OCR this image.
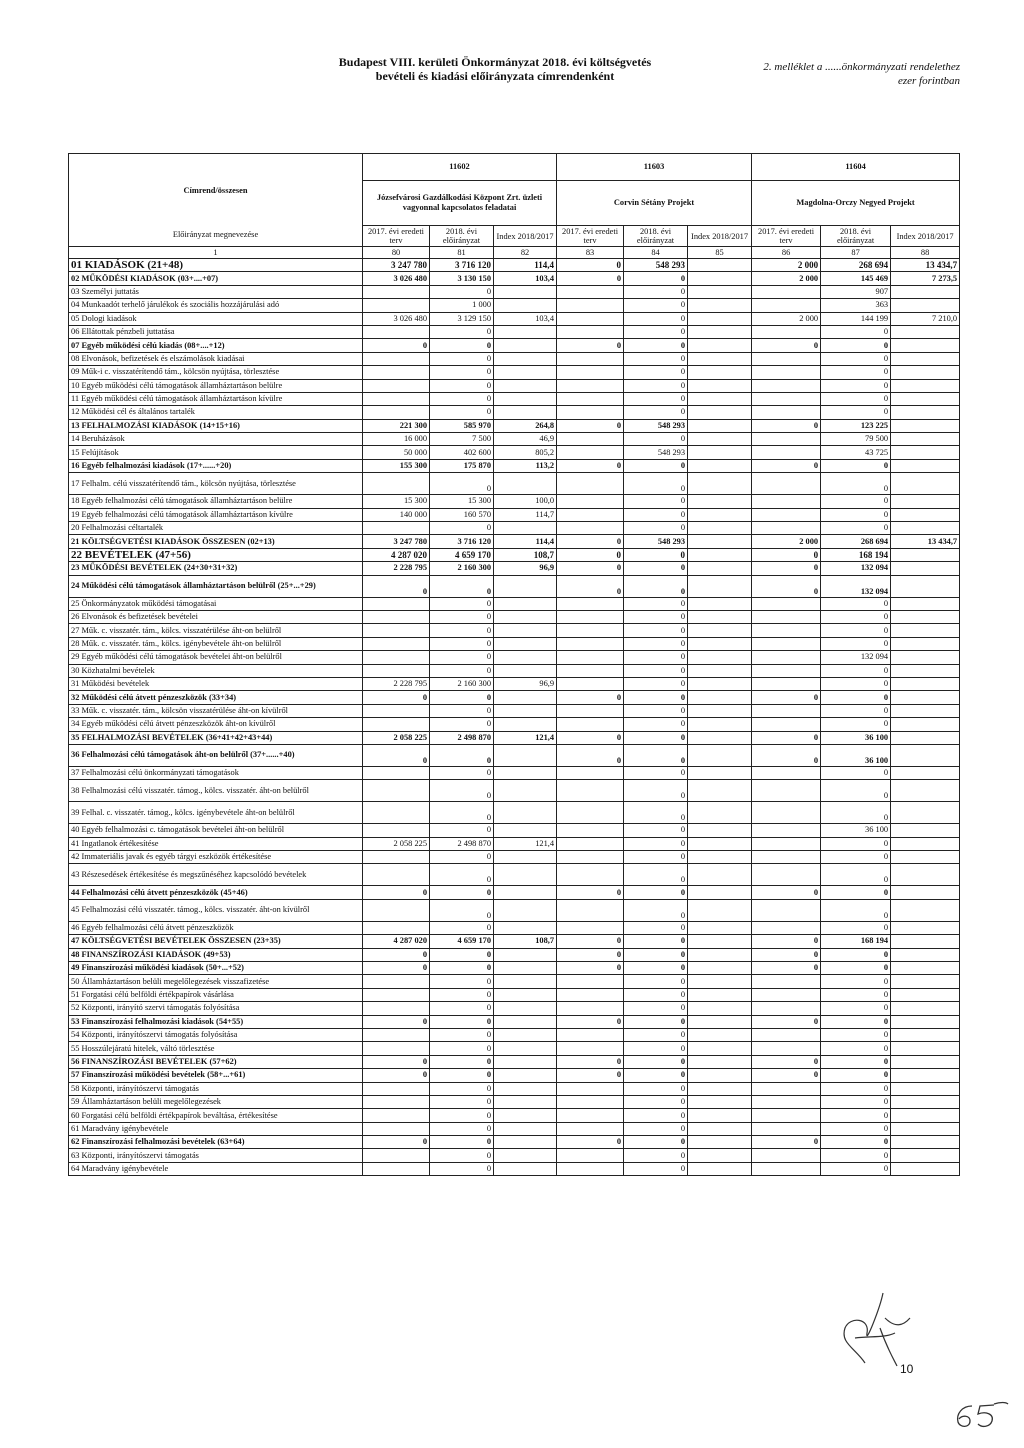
Budapest VIII. kerületi Önkormányzat 2018. évi költségvetés
bevételi és kiadási előirányzata címrendenként
2. melléklet a ......önkormányzati rendelethez
ezer forintban
Címrend/összesen
Előirányzat megnevezése	11602			11603			11604		
	Józsefvárosi Gazdálkodási Központ Zrt. üzleti vagyonnal kapcsolatos feladatai			Corvin Sétány Projekt			Magdolna-Orczy Negyed Projekt		
	2017. évi eredeti terv	2018. évi előirányzat	Index 2018/2017	2017. évi eredeti terv	2018. évi előirányzat	Index 2018/2017	2017. évi eredeti terv	2018. évi előirányzat	Index 2018/2017
1	80	81	82	83	84	85	86	87	88
01 KIADÁSOK (21+48)	3 247 780	3 716 120	114,4	0	548 293		2 000	268 694	13 434,7
02 MŰKÖDÉSI KIADÁSOK (03+....+07)	3 026 480	3 130 150	103,4	0	0		2 000	145 469	7 273,5
03 Személyi juttatás		0			0			907	
04 Munkaadót terhelő járulékok és szociális hozzájárulási adó		1 000			0			363	
05 Dologi kiadások	3 026 480	3 129 150	103,4		0		2 000	144 199	7 210,0
06 Ellátottak pénzbeli juttatása		0			0			0	
07 Egyéb működési célú kiadás (08+....+12)	0	0		0	0		0	0	
08 Elvonások, befizetések és elszámolások kiadásai		0			0			0	
09 Műk-i c. visszatérítendő tám., kölcsön nyújtása, törlesztése		0			0			0	
10 Egyéb működési célú támogatások államháztartáson belülre		0			0			0	
11 Egyéb működési célú támogatások államháztartáson kívülre		0			0			0	
12 Működési cél és általános tartalék		0			0			0	
13 FELHALMOZÁSI KIADÁSOK (14+15+16)	221 300	585 970	264,8	0	548 293		0	123 225	
14 Beruházások	16 000	7 500	46,9		0			79 500	
15 Felújítások	50 000	402 600	805,2		548 293			43 725	
16 Egyéb felhalmozási kiadások (17+......+20)	155 300	175 870	113,2	0	0		0	0	
17 Felhalm. célú visszatérítendő tám., kölcsön nyújtása, törlesztése		0			0			0	
18 Egyéb felhalmozási célú támogatások államháztartáson belülre	15 300	15 300	100,0		0			0	
19 Egyéb felhalmozási célú támogatások államháztartáson kívülre	140 000	160 570	114,7		0			0	
20 Felhalmozási céltartalék		0			0			0	
21 KÖLTSÉGVETÉSI KIADÁSOK ÖSSZESEN (02+13)	3 247 780	3 716 120	114,4	0	548 293		2 000	268 694	13 434,7
22 BEVÉTELEK (47+56)	4 287 020	4 659 170	108,7	0	0		0	168 194	
23 MŰKÖDÉSI BEVÉTELEK (24+30+31+32)	2 228 795	2 160 300	96,9	0	0		0	132 094	
24 Működési célú támogatások államháztartáson belülről (25+...+29)	0	0		0	0		0	132 094	
25 Önkormányzatok működési támogatásai		0			0			0	
26 Elvonások és befizetések bevételei		0			0			0	
27 Műk. c. visszatér. tám., kölcs. visszatérülése áht-on belülről		0			0			0	
28 Műk. c. visszatér. tám., kölcs. igénybevétele áht-on belülről		0			0			0	
29 Egyéb működési célú támogatások bevételei áht-on belülről		0			0			132 094	
30 Közhatalmi bevételek		0			0			0	
31 Működési bevételek	2 228 795	2 160 300	96,9		0			0	
32 Működési célú átvett pénzeszközök (33+34)	0	0		0	0		0	0	
33 Műk. c. visszatér. tám., kölcsön visszatérülése áht-on kívülről		0			0			0	
34 Egyéb működési célú átvett pénzeszközök áht-on kívülről		0			0			0	
35 FELHALMOZÁSI BEVÉTELEK (36+41+42+43+44)	2 058 225	2 498 870	121,4	0	0		0	36 100	
36 Felhalmozási célú támogatások áht-on belülről (37+......+40)	0	0		0	0		0	36 100	
37 Felhalmozási célú önkormányzati támogatások		0			0			0	
38 Felhalmozási célú visszatér. támog., kölcs. visszatér. áht-on belülről		0			0			0	
39 Felhal. c. visszatér. támog., kölcs. igénybevétele áht-on belülről		0			0			0	
40 Egyéb felhalmozási c. támogatások bevételei áht-on belülről		0			0			36 100	
41 Ingatlanok értékesítése	2 058 225	2 498 870	121,4		0			0	
42 Immateriális javak és egyéb tárgyi eszközök értékesítése		0			0			0	
43 Részesedések értékesítése és megszűnéséhez kapcsolódó bevételek		0			0			0	
44 Felhalmozási célú átvett pénzeszközök (45+46)	0	0		0	0		0	0	
45 Felhalmozási célú visszatér. támog., kölcs. visszatér. áht-on kívülről		0			0			0	
46 Egyéb felhalmozási célú átvett pénzeszközök		0			0			0	
47 KÖLTSÉGVETÉSI BEVÉTELEK ÖSSZESEN (23+35)	4 287 020	4 659 170	108,7	0	0		0	168 194	
48 FINANSZÍROZÁSI KIADÁSOK (49+53)	0	0		0	0		0	0	
49 Finanszírozási működési kiadások (50+...+52)	0	0		0	0		0	0	
50 Államháztartáson belüli megelőlegezések visszafizetése		0			0			0	
51 Forgatási célú belföldi értékpapírok vásárlása		0			0			0	
52 Központi, irányító szervi támogatás folyósítása		0			0			0	
53 Finanszírozási felhalmozási kiadások (54+55)	0	0		0	0		0	0	
54 Központi, irányítószervi támogatás folyósítása		0			0			0	
55 Hosszúlejáratú hitelek, váltó törlesztése		0			0			0	
56 FINANSZÍROZÁSI BEVÉTELEK (57+62)	0	0		0	0		0	0	
57 Finanszírozási működési bevételek (58+...+61)	0	0		0	0		0	0	
58 Központi, irányítószervi támogatás		0			0			0	
59 Államháztartáson belüli megelőlegezések		0			0			0	
60 Forgatási célú belföldi értékpapírok beváltása, értékesítése		0			0			0	
61 Maradvány igénybevétele		0			0			0	
62 Finanszírozási felhalmozási bevételek (63+64)	0	0		0	0		0	0	
63 Központi, irányítószervi támogatás		0			0			0	
64 Maradvány igénybevétele		0			0			0	
10
